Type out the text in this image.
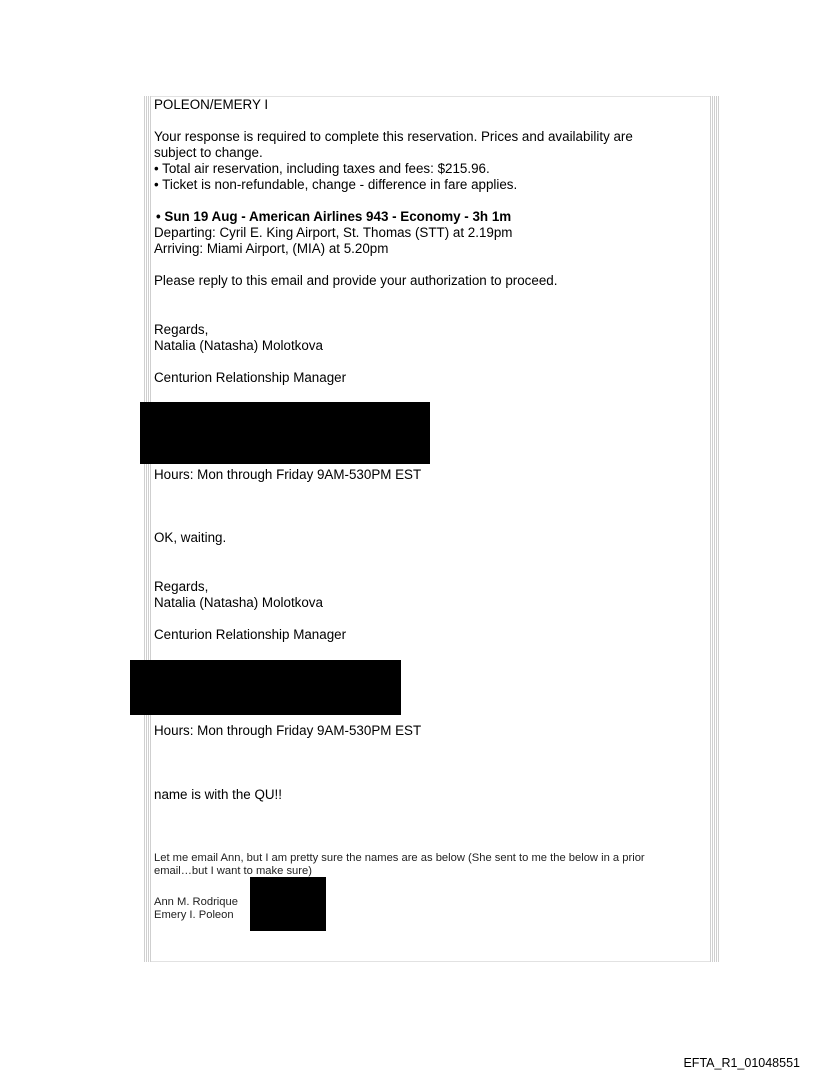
POLEON/EMERY I
Your response is required to complete this reservation. Prices and availability are
subject to change.
• Total air reservation, including taxes and fees: $215.96.
• Ticket is non-refundable, change - difference in fare applies.
• Sun 19 Aug - American Airlines 943 - Economy - 3h 1m
Departing: Cyril E. King Airport, St. Thomas (STT) at 2.19pm
Arriving: Miami Airport, (MIA) at 5.20pm
Please reply to this email and provide your authorization to proceed.
Regards,
Natalia (Natasha) Molotkova
Centurion Relationship Manager
Hours: Mon through Friday 9AM-530PM EST
OK, waiting.
Regards,
Natalia (Natasha) Molotkova
Centurion Relationship Manager
Hours: Mon through Friday 9AM-530PM EST
name is with the QU!!
Let me email Ann, but I am pretty sure the names are as below (She sent to me the below in a prior
email…but I want to make sure)
Ann M. Rodrique
Emery I. Poleon
EFTA_R1_01048551
